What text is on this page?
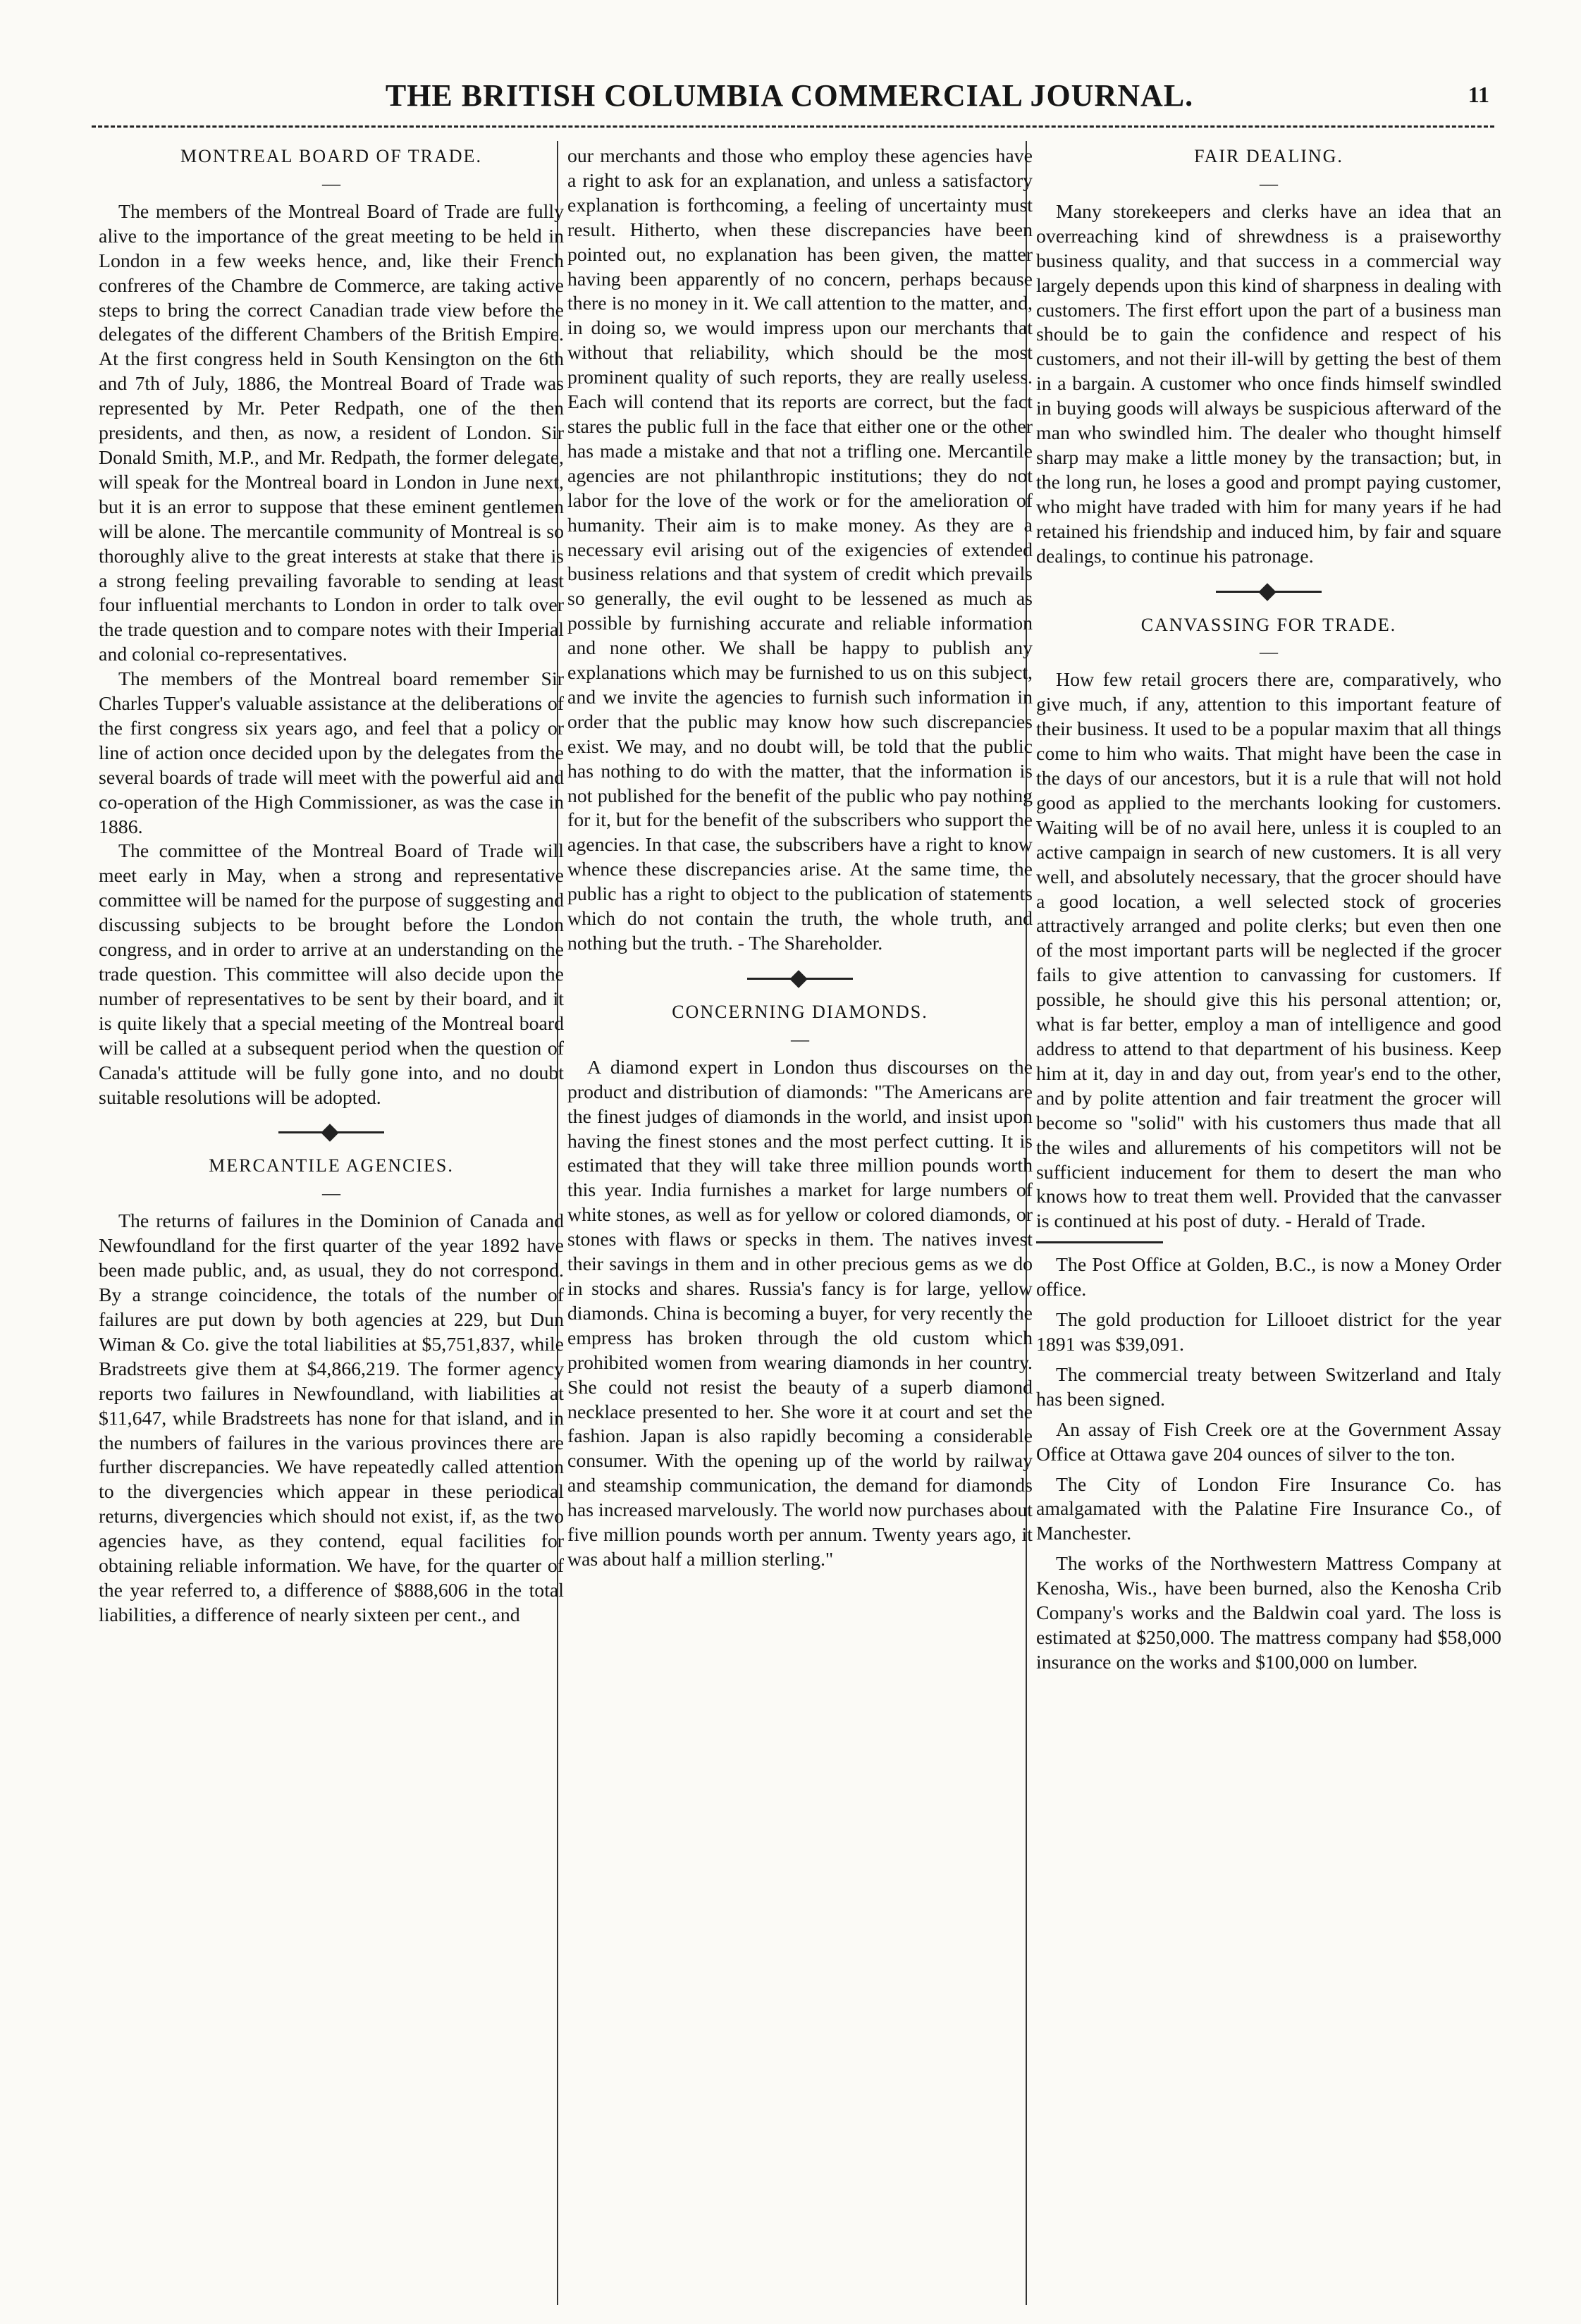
THE BRITISH COLUMBIA COMMERCIAL JOURNAL.	11
MONTREAL BOARD OF TRADE.
—

The members of the Montreal Board of Trade are fully alive to the importance of the great meeting to be held in London in a few weeks hence, and, like their French confreres of the Chambre de Commerce, are taking active steps to bring the correct Canadian trade view before the delegates of the different Chambers of the British Empire. At the first congress held in South Kensington on the 6th and 7th of July, 1886, the Montreal Board of Trade was represented by Mr. Peter Redpath, one of the then presidents, and then, as now, a resident of London. Sir Donald Smith, M.P., and Mr. Redpath, the former delegate, will speak for the Montreal board in London in June next, but it is an error to suppose that these eminent gentlemen will be alone. The mercantile community of Montreal is so thoroughly alive to the great interests at stake that there is a strong feeling prevailing favorable to sending at least four influential merchants to London in order to talk over the trade question and to compare notes with their Imperial and colonial co-representatives.

The members of the Montreal board remember Sir Charles Tupper's valuable assistance at the deliberations of the first congress six years ago, and feel that a policy or line of action once decided upon by the delegates from the several boards of trade will meet with the powerful aid and co-operation of the High Commissioner, as was the case in 1886.

The committee of the Montreal Board of Trade will meet early in May, when a strong and representative committee will be named for the purpose of suggesting and discussing subjects to be brought before the London congress, and in order to arrive at an understanding on the trade question. This committee will also decide upon the number of representatives to be sent by their board, and it is quite likely that a special meeting of the Montreal board will be called at a subsequent period when the question of Canada's attitude will be fully gone into, and no doubt suitable resolutions will be adopted.

MERCANTILE AGENCIES.
—

The returns of failures in the Dominion of Canada and Newfoundland for the first quarter of the year 1892 have been made public, and, as usual, they do not correspond. By a strange coincidence, the totals of the number of failures are put down by both agencies at 229, but Dun Wiman & Co. give the total liabilities at $5,751,837, while Bradstreets give them at $4,866,219. The former agency reports two failures in Newfoundland, with liabilities at $11,647, while Bradstreets has none for that island, and in the numbers of failures in the various provinces there are further discrepancies. We have repeatedly called attention to the divergencies which appear in these periodical returns, divergencies which should not exist, if, as the two agencies have, as they contend, equal facilities for obtaining reliable information. We have, for the quarter of the year referred to, a difference of $888,606 in the total liabilities, a difference of nearly sixteen per cent., and

our merchants and those who employ these agencies have a right to ask for an explanation, and unless a satisfactory explanation is forthcoming, a feeling of uncertainty must result. Hitherto, when these discrepancies have been pointed out, no explanation has been given, the matter having been apparently of no concern, perhaps because there is no money in it. We call attention to the matter, and, in doing so, we would impress upon our merchants that without that reliability, which should be the most prominent quality of such reports, they are really useless. Each will contend that its reports are correct, but the fact stares the public full in the face that either one or the other has made a mistake and that not a trifling one. Mercantile agencies are not philanthropic institutions; they do not labor for the love of the work or for the amelioration of humanity. Their aim is to make money. As they are a necessary evil arising out of the exigencies of extended business relations and that system of credit which prevails so generally, the evil ought to be lessened as much as possible by furnishing accurate and reliable information and none other. We shall be happy to publish any explanations which may be furnished to us on this subject, and we invite the agencies to furnish such information in order that the public may know how such discrepancies exist. We may, and no doubt will, be told that the public has nothing to do with the matter, that the information is not published for the benefit of the public who pay nothing for it, but for the benefit of the subscribers who support the agencies. In that case, the subscribers have a right to know whence these discrepancies arise. At the same time, the public has a right to object to the publication of statements which do not contain the truth, the whole truth, and nothing but the truth. - The Shareholder.

CONCERNING DIAMONDS.
—

A diamond expert in London thus discourses on the product and distribution of diamonds: "The Americans are the finest judges of diamonds in the world, and insist upon having the finest stones and the most perfect cutting. It is estimated that they will take three million pounds worth this year. India furnishes a market for large numbers of white stones, as well as for yellow or colored diamonds, or stones with flaws or specks in them. The natives invest their savings in them and in other precious gems as we do in stocks and shares. Russia's fancy is for large, yellow diamonds. China is becoming a buyer, for very recently the empress has broken through the old custom which prohibited women from wearing diamonds in her country. She could not resist the beauty of a superb diamond necklace presented to her. She wore it at court and set the fashion. Japan is also rapidly becoming a considerable consumer. With the opening up of the world by railway and steamship communication, the demand for diamonds has increased marvelously. The world now purchases about five million pounds worth per annum. Twenty years ago, it was about half a million sterling."

FAIR DEALING.
—

Many storekeepers and clerks have an idea that an overreaching kind of shrewdness is a praiseworthy business quality, and that success in a commercial way largely depends upon this kind of sharpness in dealing with customers. The first effort upon the part of a business man should be to gain the confidence and respect of his customers, and not their ill-will by getting the best of them in a bargain. A customer who once finds himself swindled in buying goods will always be suspicious afterward of the man who swindled him. The dealer who thought himself sharp may make a little money by the transaction; but, in the long run, he loses a good and prompt paying customer, who might have traded with him for many years if he had retained his friendship and induced him, by fair and square dealings, to continue his patronage.

CANVASSING FOR TRADE.
—

How few retail grocers there are, comparatively, who give much, if any, attention to this important feature of their business. It used to be a popular maxim that all things come to him who waits. That might have been the case in the days of our ancestors, but it is a rule that will not hold good as applied to the merchants looking for customers. Waiting will be of no avail here, unless it is coupled to an active campaign in search of new customers. It is all very well, and absolutely necessary, that the grocer should have a good location, a well selected stock of groceries attractively arranged and polite clerks; but even then one of the most important parts will be neglected if the grocer fails to give attention to canvassing for customers. If possible, he should give this his personal attention; or, what is far better, employ a man of intelligence and good address to attend to that department of his business. Keep him at it, day in and day out, from year's end to the other, and by polite attention and fair treatment the grocer will become so "solid" with his customers thus made that all the wiles and allurements of his competitors will not be sufficient inducement for them to desert the man who knows how to treat them well. Provided that the canvasser is continued at his post of duty. - Herald of Trade.

The Post Office at Golden, B.C., is now a Money Order office.

The gold production for Lillooet district for the year 1891 was $39,091.

The commercial treaty between Switzerland and Italy has been signed.

An assay of Fish Creek ore at the Government Assay Office at Ottawa gave 204 ounces of silver to the ton.

The City of London Fire Insurance Co. has amalgamated with the Palatine Fire Insurance Co., of Manchester.

The works of the Northwestern Mattress Company at Kenosha, Wis., have been burned, also the Kenosha Crib Company's works and the Baldwin coal yard. The loss is estimated at $250,000. The mattress company had $58,000 insurance on the works and $100,000 on lumber.
